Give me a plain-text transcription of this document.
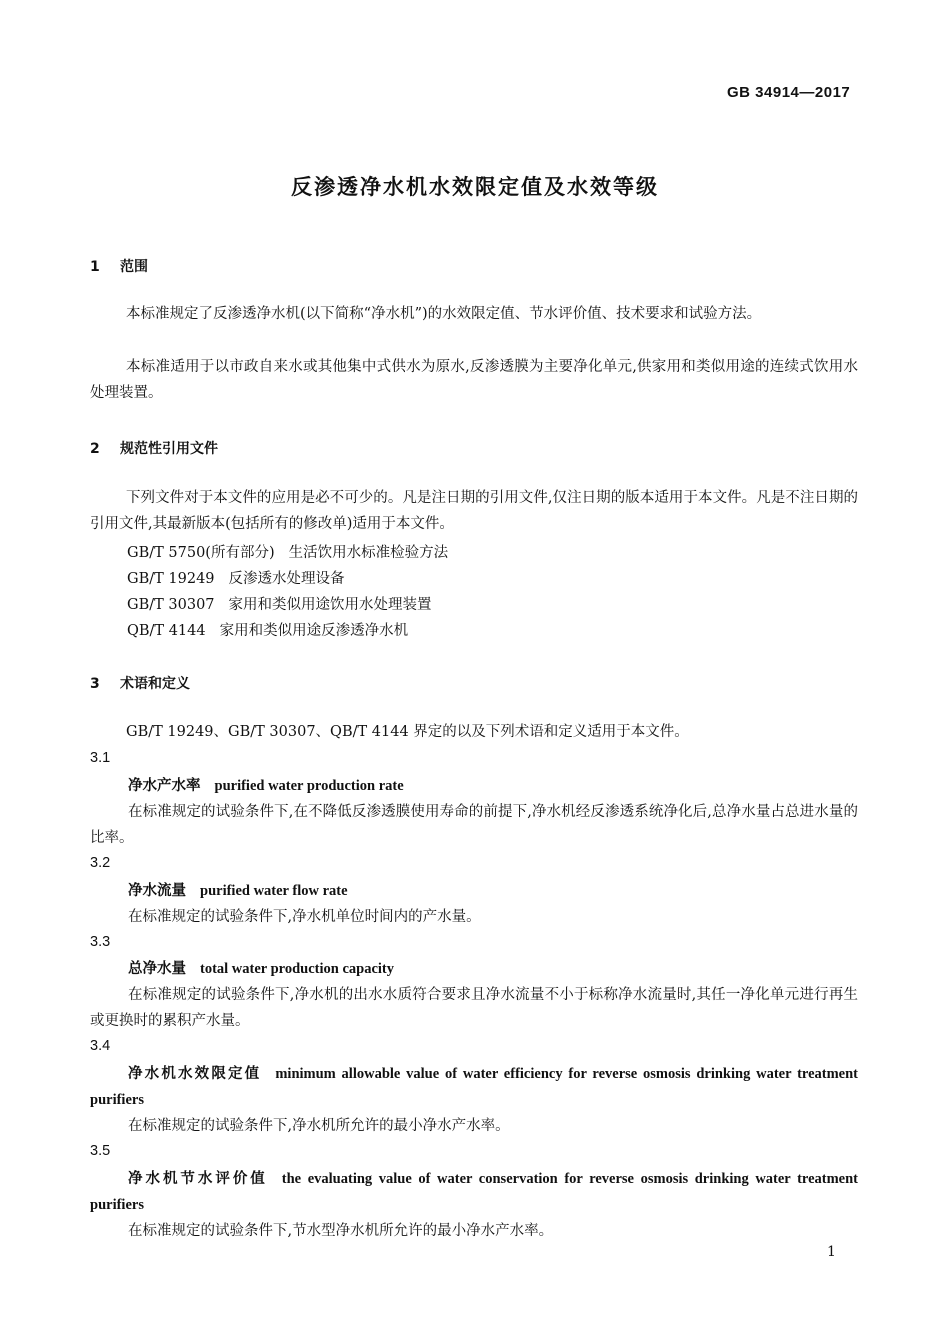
GB 34914—2017
反渗透净水机水效限定值及水效等级
1 范围
本标准规定了反渗透净水机(以下简称“净水机”)的水效限定值、节水评价值、技术要求和试验方法。
本标准适用于以市政自来水或其他集中式供水为原水,反渗透膜为主要净化单元,供家用和类似用途的连续式饮用水处理装置。
2 规范性引用文件
下列文件对于本文件的应用是必不可少的。凡是注日期的引用文件,仅注日期的版本适用于本文件。凡是不注日期的引用文件,其最新版本(包括所有的修改单)适用于本文件。
GB/T 5750(所有部分) 生活饮用水标准检验方法
GB/T 19249 反渗透水处理设备
GB/T 30307 家用和类似用途饮用水处理装置
QB/T 4144 家用和类似用途反渗透净水机
3 术语和定义
GB/T 19249、GB/T 30307、QB/T 4144 界定的以及下列术语和定义适用于本文件。
3.1
净水产水率 purified water production rate
在标准规定的试验条件下,在不降低反渗透膜使用寿命的前提下,净水机经反渗透系统净化后,总净水量占总进水量的比率。
3.2
净水流量 purified water flow rate
在标准规定的试验条件下,净水机单位时间内的产水量。
3.3
总净水量 total water production capacity
在标准规定的试验条件下,净水机的出水水质符合要求且净水流量不小于标称净水流量时,其任一净化单元进行再生或更换时的累积产水量。
3.4
净水机水效限定值 minimum allowable value of water efficiency for reverse osmosis drinking water treatment purifiers
在标准规定的试验条件下,净水机所允许的最小净水产水率。
3.5
净水机节水评价值 the evaluating value of water conservation for reverse osmosis drinking water treatment purifiers
在标准规定的试验条件下,节水型净水机所允许的最小净水产水率。
1
